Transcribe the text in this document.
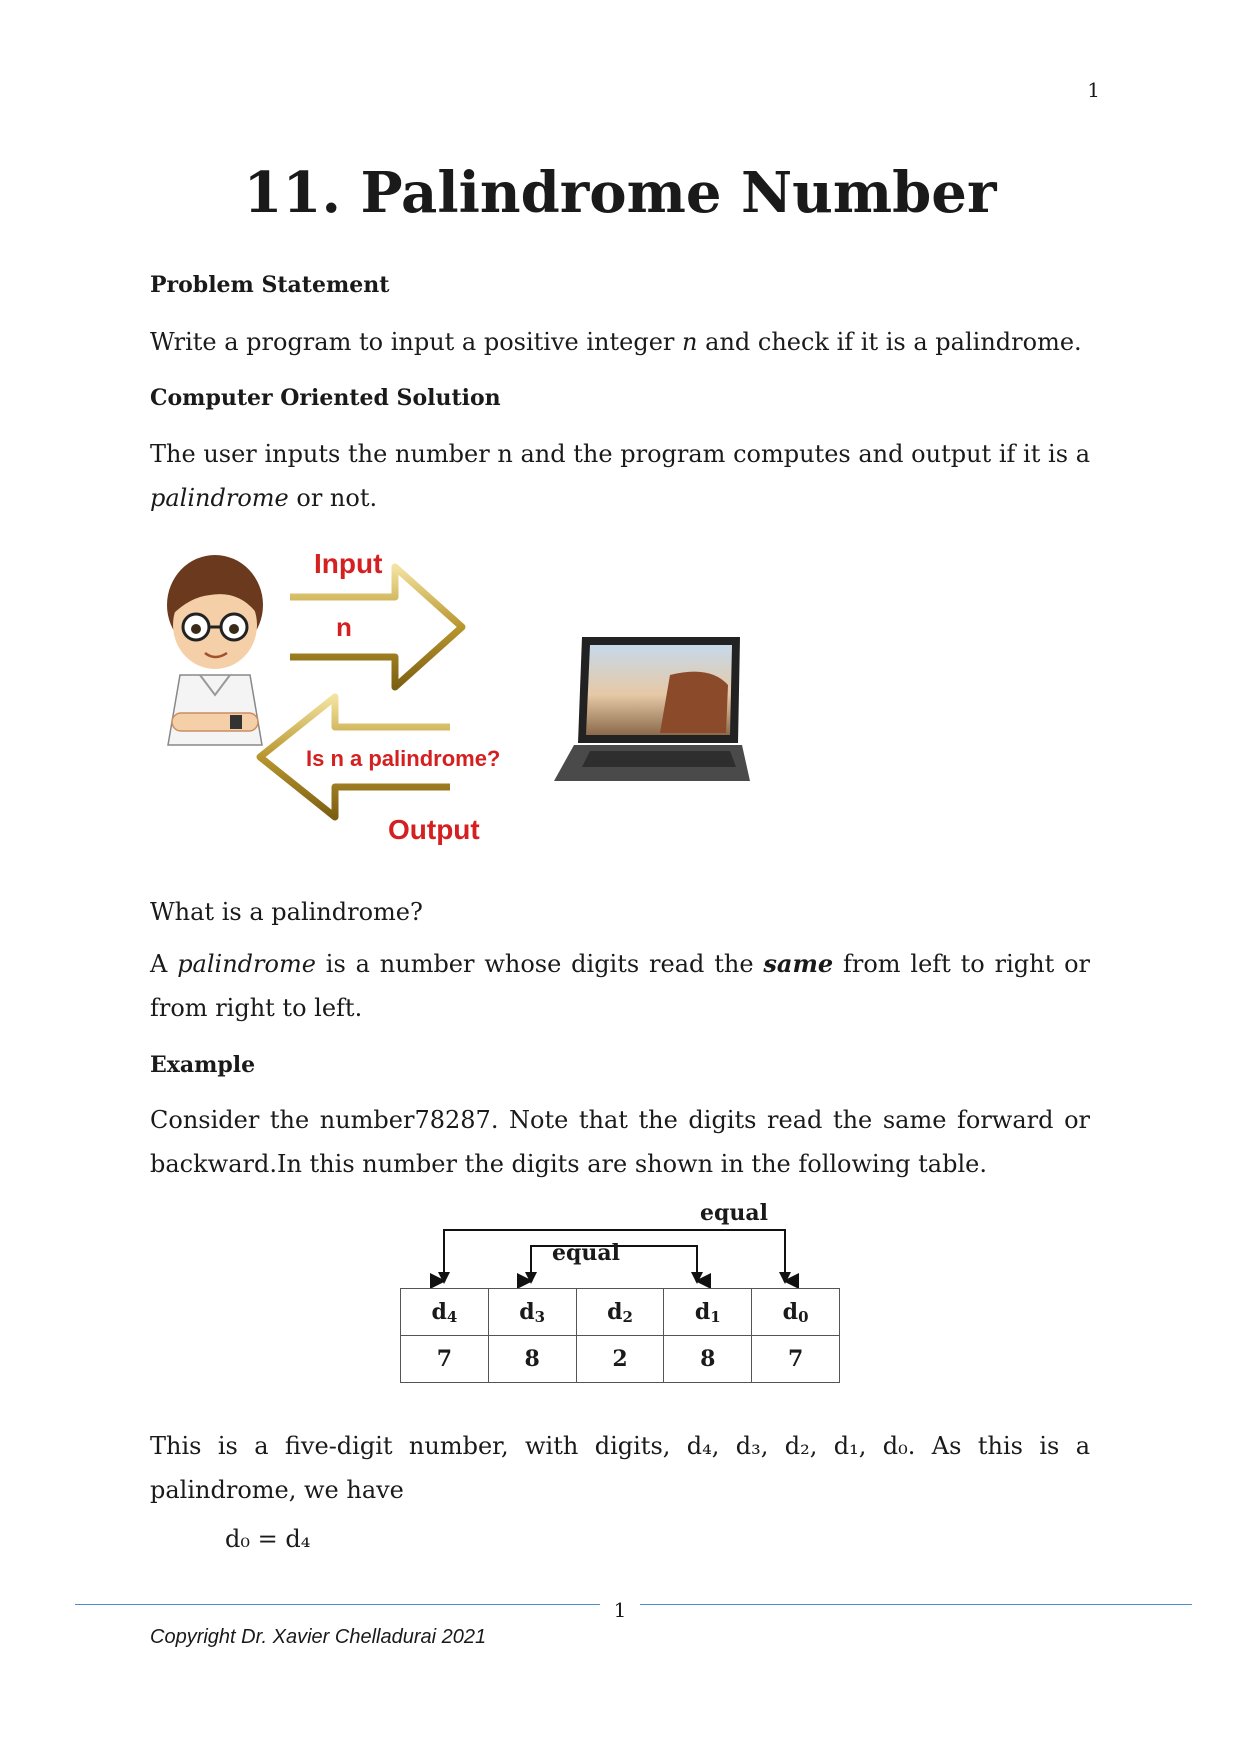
1
11. Palindrome Number
Problem Statement
Write a program to input a positive integer n and check if it is a palindrome.
Computer Oriented Solution
The user inputs the number n and the program computes and output if it is a palindrome or not.
Input
n
Is n a palindrome?
Output
What is a palindrome?
A palindrome is a number whose digits read the same from left to right or from right to left.
Example
Consider the number78287. Note that the digits read the same forward or backward.In this number the digits are shown in the following table.
equal
equal
$d_4$	$d_3$	$d_2$	$d_1$	$d_0$
7	8	2	8	7
This is a five-digit number, with digits, d₄, d₃, d₂, d₁, d₀. As this is a palindrome, we have
d₀ = d₄
1
Copyright Dr. Xavier Chelladurai 2021
